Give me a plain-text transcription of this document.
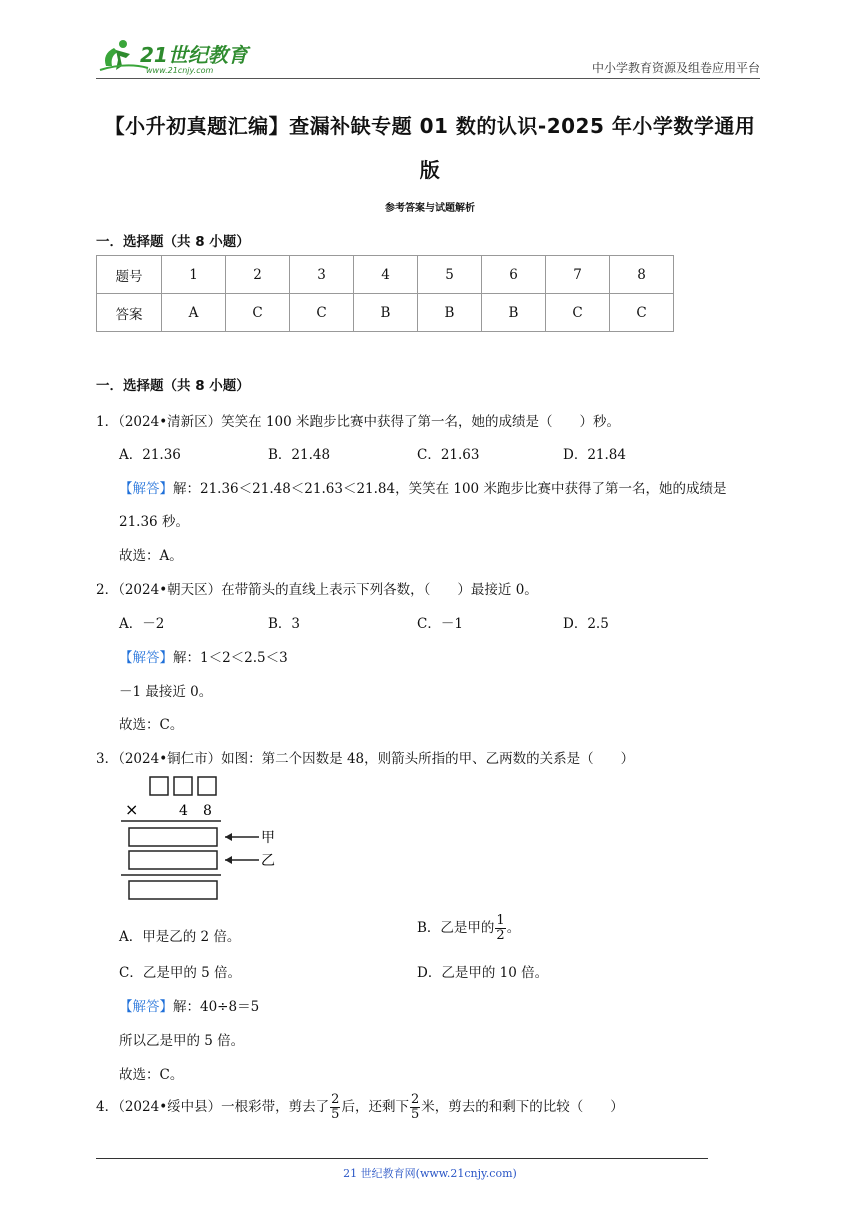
21世纪教育
www.21cnjy.com	中小学教育资源及组卷应用平台
【小升初真题汇编】查漏补缺专题 01 数的认识-2025 年小学数学通用
版
参考答案与试题解析
一．选择题（共 8 小题）
题号	1	2	3	4	5	6	7	8
答案	A	C	C	B	B	B	C	C
一．选择题（共 8 小题）
1．（2024•清新区）笑笑在 100 米跑步比赛中获得了第一名，她的成绩是（　　）秒。
A．21.36	B．21.48	C．21.63	D．21.84
【解答】解：21.36＜21.48＜21.63＜21.84，笑笑在 100 米跑步比赛中获得了第一名，她的成绩是
21.36 秒。
故选：A。
2．（2024•朝天区）在带箭头的直线上表示下列各数，（　　）最接近 0。
A．－2	B．3	C．－1	D．2.5
【解答】解：1＜2＜2.5＜3
－1 最接近 0。
故选：C。
3．（2024•铜仁市）如图：第二个因数是 48，则箭头所指的甲、乙两数的关系是（　　）
×	4 8
甲
乙
A．甲是乙的 2 倍。
B．乙是甲的 $\frac{1}{2}$ 。
C．乙是甲的 5 倍。	D．乙是甲的 10 倍。
【解答】解：40÷8＝5
所以乙是甲的 5 倍。
故选：C。
4．（2024•绥中县）一根彩带，剪去了 $\frac{2}{5}$ 后，还剩下 $\frac{2}{5}$ 米，剪去的和剩下的比较（　　）
21 世纪教育网(www.21cnjy.com)
